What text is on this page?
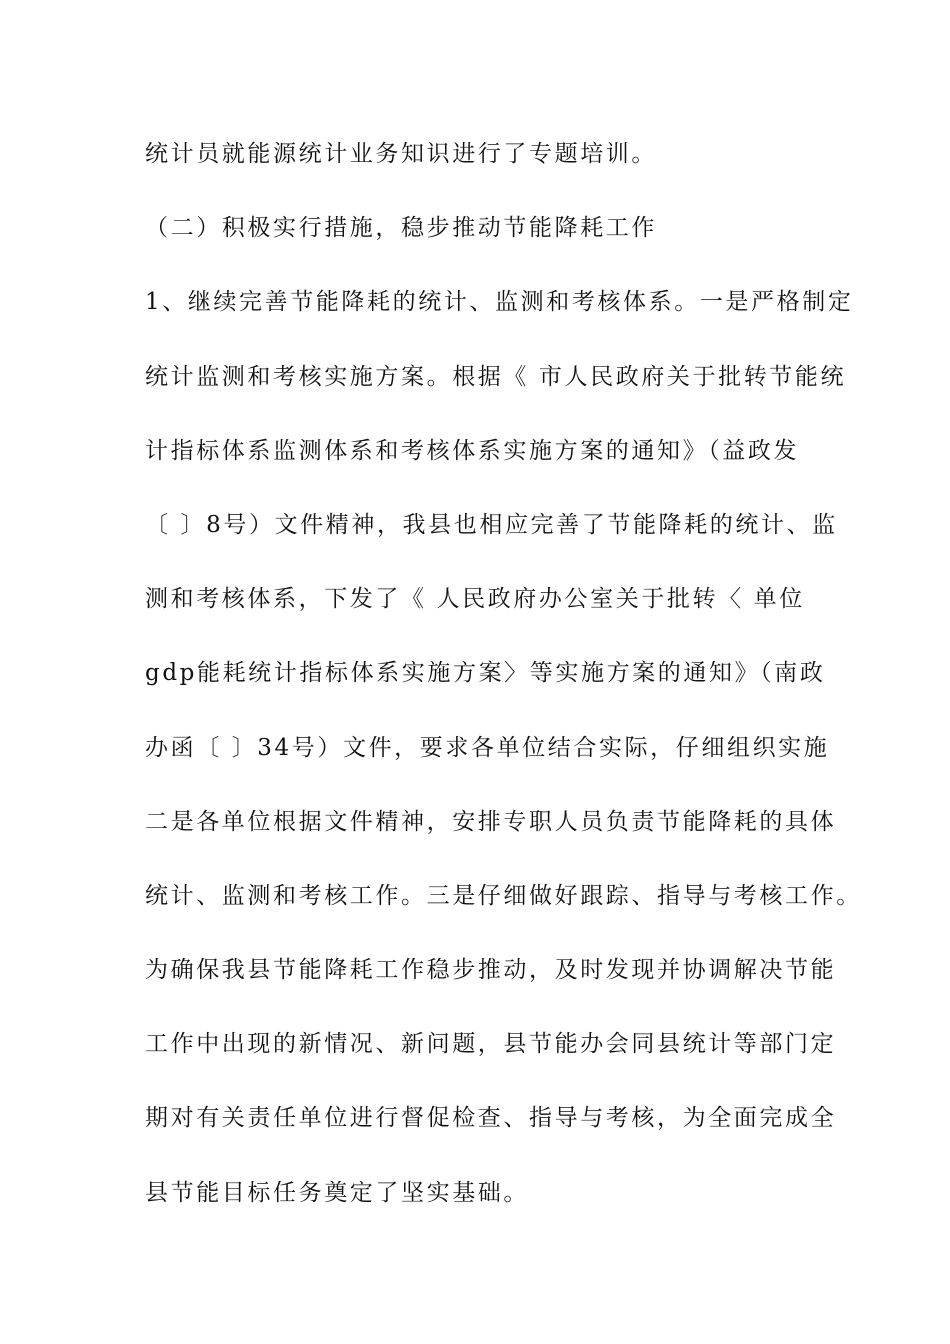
统计员就能源统计业务知识进行了专题培训。
（二）积极实行措施，稳步推动节能降耗工作
1、继续完善节能降耗的统计、监测和考核体系。一是严格制定
统计监测和考核实施方案。根据《 市人民政府关于批转节能统
计指标体系监测体系和考核体系实施方案的通知》（益政发
〔 〕8号）文件精神，我县也相应完善了节能降耗的统计、监
测和考核体系，下发了《 人民政府办公室关于批转〈 单位
gdp能耗统计指标体系实施方案〉等实施方案的通知》（南政
办函〔 〕34号）文件，要求各单位结合实际，仔细组织实施
二是各单位根据文件精神，安排专职人员负责节能降耗的具体
统计、监测和考核工作。三是仔细做好跟踪、指导与考核工作。
为确保我县节能降耗工作稳步推动，及时发现并协调解决节能
工作中出现的新情况、新问题，县节能办会同县统计等部门定
期对有关责任单位进行督促检查、指导与考核，为全面完成全
县节能目标任务奠定了坚实基础。
